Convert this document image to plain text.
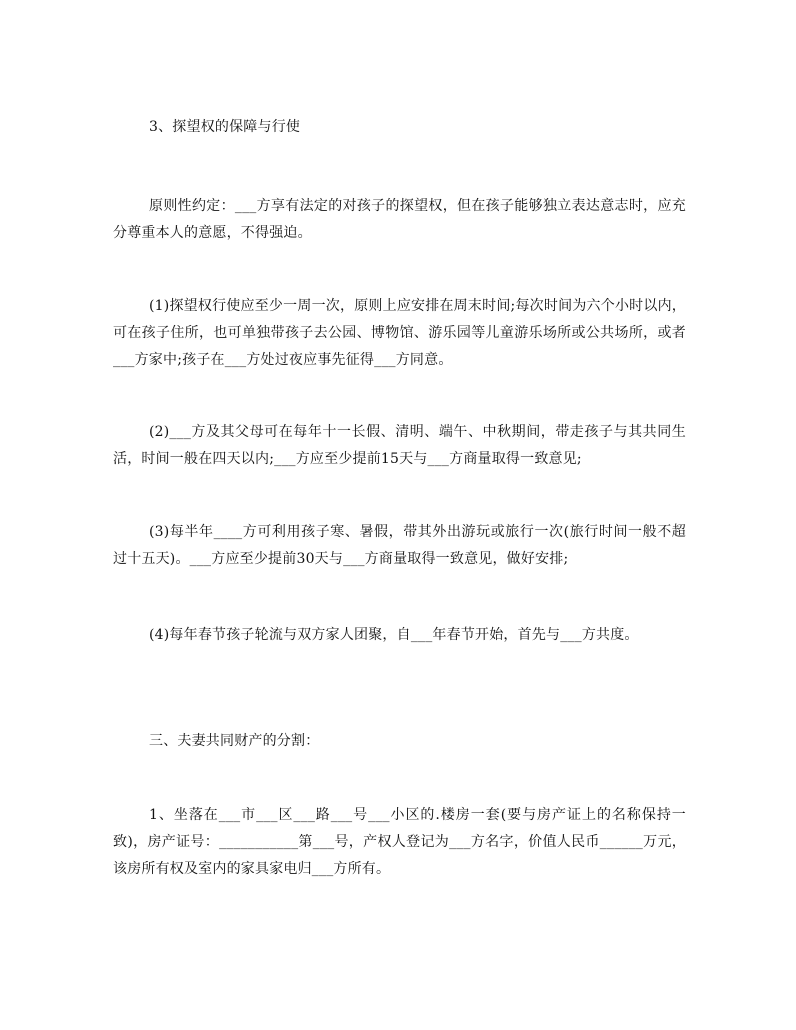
3、探望权的保障与行使

原则性约定：___方享有法定的对孩子的探望权，但在孩子能够独立表达意志时，应充分尊重本人的意愿，不得强迫。

(1)探望权行使应至少一周一次，原则上应安排在周末时间;每次时间为六个小时以内，可在孩子住所，也可单独带孩子去公园、博物馆、游乐园等儿童游乐场所或公共场所，或者___方家中;孩子在___方处过夜应事先征得___方同意。

(2)___方及其父母可在每年十一长假、清明、端午、中秋期间，带走孩子与其共同生活，时间一般在四天以内;___方应至少提前15天与___方商量取得一致意见;

(3)每半年____方可利用孩子寒、暑假，带其外出游玩或旅行一次(旅行时间一般不超过十五天)。___方应至少提前30天与___方商量取得一致意见，做好安排;

(4)每年春节孩子轮流与双方家人团聚，自___年春节开始，首先与___方共度。

三、夫妻共同财产的分割：

1、坐落在___市___区___路___号___小区的.楼房一套(要与房产证上的名称保持一致)，房产证号：___________第___号，产权人登记为___方名字，价值人民币______万元，该房所有权及室内的家具家电归___方所有。
